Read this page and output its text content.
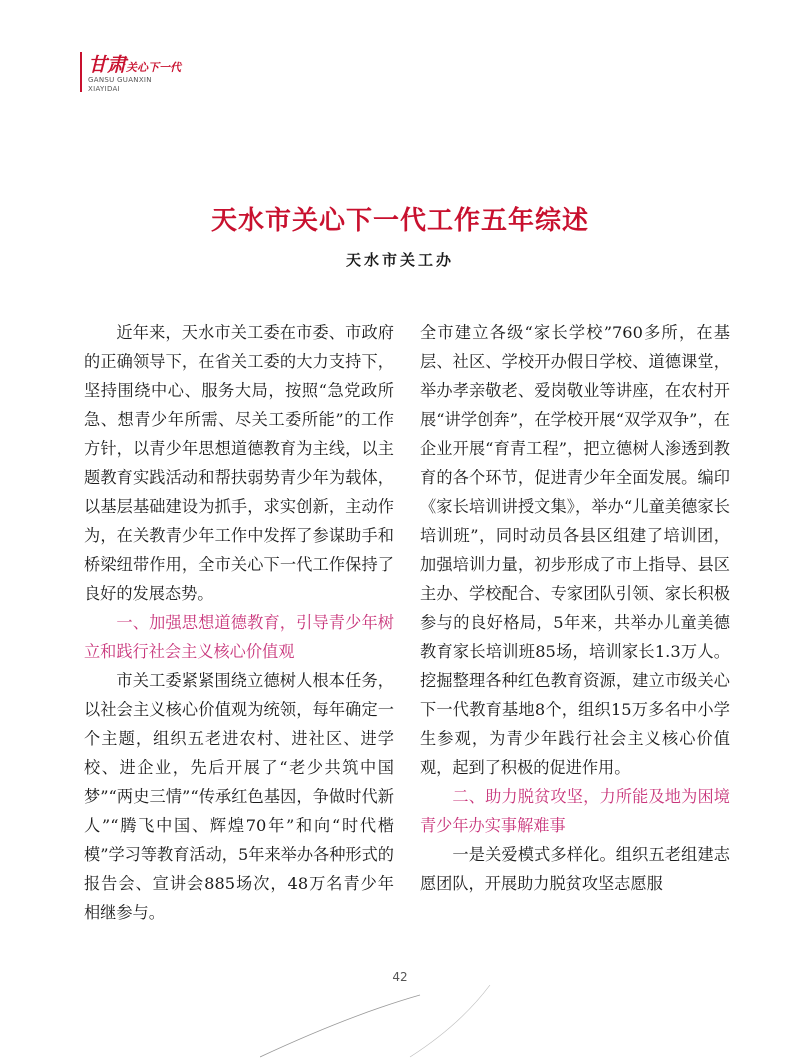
甘肃关心下一代
GANSU GUANXIN
XIAYIDAI
天水市关心下一代工作五年综述
天水市关工办

近年来，天水市关工委在市委、市政府的正确领导下，在省关工委的大力支持下，坚持围绕中心、服务大局，按照“急党政所急、想青少年所需、尽关工委所能”的工作方针，以青少年思想道德教育为主线，以主题教育实践活动和帮扶弱势青少年为载体，以基层基础建设为抓手，求实创新，主动作为，在关教青少年工作中发挥了参谋助手和桥梁纽带作用，全市关心下一代工作保持了良好的发展态势。

一、加强思想道德教育，引导青少年树立和践行社会主义核心价值观

市关工委紧紧围绕立德树人根本任务，以社会主义核心价值观为统领，每年确定一个主题，组织五老进农村、进社区、进学校、进企业，先后开展了“老少共筑中国梦”“两史三情”“传承红色基因，争做时代新人”“腾飞中国、辉煌70年”和向“时代楷模”学习等教育活动，5年来举办各种形式的报告会、宣讲会885场次，48万名青少年相继参与。

全市建立各级“家长学校”760多所，在基层、社区、学校开办假日学校、道德课堂，举办孝亲敬老、爱岗敬业等讲座，在农村开展“讲学创奔”，在学校开展“双学双争”，在企业开展“育青工程”，把立德树人渗透到教育的各个环节，促进青少年全面发展。编印《家长培训讲授文集》，举办“儿童美德家长培训班”，同时动员各县区组建了培训团，加强培训力量，初步形成了市上指导、县区主办、学校配合、专家团队引领、家长积极参与的良好格局，5年来，共举办儿童美德教育家长培训班85场，培训家长1.3万人。挖掘整理各种红色教育资源，建立市级关心下一代教育基地8个，组织15万多名中小学生参观，为青少年践行社会主义核心价值观，起到了积极的促进作用。

二、助力脱贫攻坚，力所能及地为困境青少年办实事解难事

一是关爱模式多样化。组织五老组建志愿团队，开展助力脱贫攻坚志愿服

42
